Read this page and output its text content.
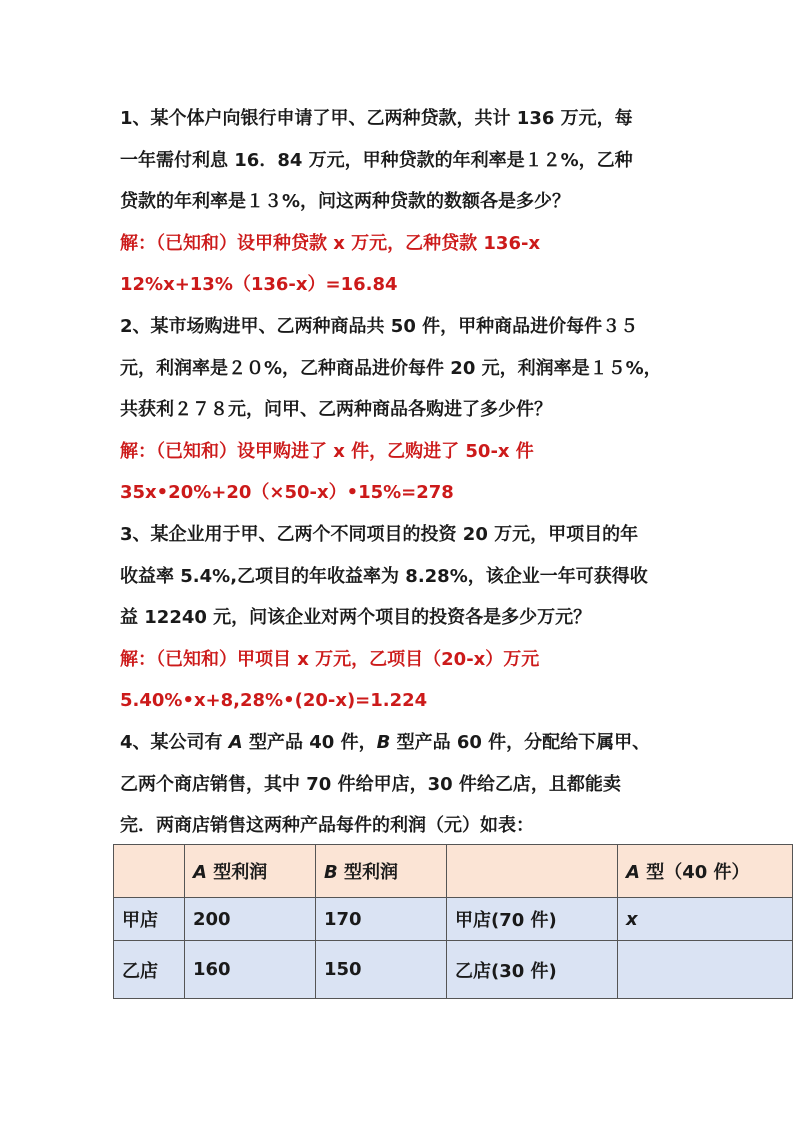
1、某个体户向银行申请了甲、乙两种贷款，共计 136 万元，每
一年需付利息 16．84 万元，甲种贷款的年利率是１２%，乙种
贷款的年利率是１３%，问这两种贷款的数额各是多少？
解：（已知和）设甲种贷款 x 万元，乙种贷款 136-x
12%x+13%（136-x）=16.84
2、某市场购进甲、乙两种商品共 50 件，甲种商品进价每件３５
元，利润率是２０%，乙种商品进价每件 20 元，利润率是１５%，
共获利２７８元，问甲、乙两种商品各购进了多少件？
解：（已知和）设甲购进了 x 件，乙购进了 50-x 件
35x•20%+20（×50-x）•15%=278
3、某企业用于甲、乙两个不同项目的投资 20 万元，甲项目的年
收益率 5.4%,乙项目的年收益率为 8.28%，该企业一年可获得收
益 12240 元，问该企业对两个项目的投资各是多少万元？
解：（已知和）甲项目 x 万元，乙项目（20-x）万元
5.40%•x+8,28%•(20-x)=1.224
4、某公司有 A 型产品 40 件，B 型产品 60 件，分配给下属甲、
乙两个商店销售，其中 70 件给甲店，30 件给乙店，且都能卖
完．两商店销售这两种产品每件的利润（元）如表：
	A 型利润	B 型利润		A 型（40 件）
甲店	200	170	甲店(70 件)	x
乙店	160	150	乙店(30 件)	
